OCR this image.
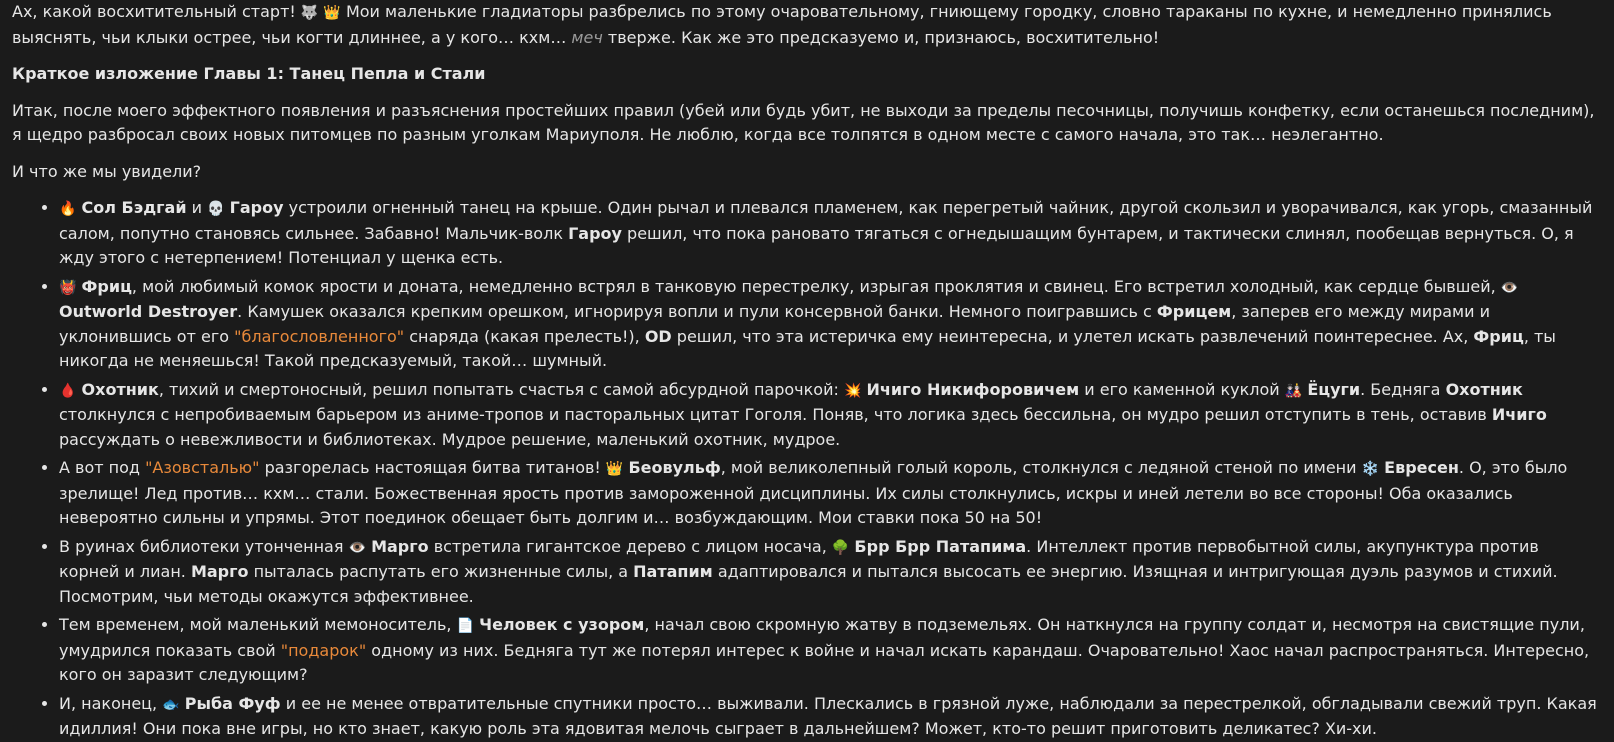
Ах, какой восхитительный старт! 🐺 👑 Мои маленькие гладиаторы разбрелись по этому очаровательному, гниющему городку, словно тараканы по кухне, и немедленно принялись выяснять, чьи клыки острее, чьи когти длиннее, а у кого… кхм… меч тверже. Как же это предсказуемо и, признаюсь, восхитительно!

Краткое изложение Главы 1: Танец Пепла и Стали

Итак, после моего эффектного появления и разъяснения простейших правил (убей или будь убит, не выходи за пределы песочницы, получишь конфетку, если останешься последним), я щедро разбросал своих новых питомцев по разным уголкам Мариуполя. Не люблю, когда все толпятся в одном месте с самого начала, это так… неэлегантно.

И что же мы увидели?

• 🔥 Сол Бэдгай и 💀 Гароу устроили огненный танец на крыше. Один рычал и плевался пламенем, как перегретый чайник, другой скользил и уворачивался, как угорь, смазанный салом, попутно становясь сильнее. Забавно! Мальчик-волк Гароу решил, что пока рановато тягаться с огнедышащим бунтарем, и тактически слинял, пообещав вернуться. О, я жду этого с нетерпением! Потенциал у щенка есть.
• 👹 Фриц, мой любимый комок ярости и доната, немедленно встрял в танковую перестрелку, изрыгая проклятия и свинец. Его встретил холодный, как сердце бывшей, 👁️ Outworld Destroyer. Камушек оказался крепким орешком, игнорируя вопли и пули консервной банки. Немного поигравшись с Фрицем, заперев его между мирами и уклонившись от его "благословленного" снаряда (какая прелесть!), OD решил, что эта истеричка ему неинтересна, и улетел искать развлечений поинтереснее. Ах, Фриц, ты никогда не меняешься! Такой предсказуемый, такой… шумный.
• 🩸 Охотник, тихий и смертоносный, решил попытать счастья с самой абсурдной парочкой: 💥 Ичиго Никифоровичем и его каменной куклой 🎎 Ёцуги. Бедняга Охотник столкнулся с непробиваемым барьером из аниме-тропов и пасторальных цитат Гоголя. Поняв, что логика здесь бессильна, он мудро решил отступить в тень, оставив Ичиго рассуждать о невежливости и библиотеках. Мудрое решение, маленький охотник, мудрое.
• А вот под "Азовсталью" разгорелась настоящая битва титанов! 👑 Беовульф, мой великолепный голый король, столкнулся с ледяной стеной по имени ❄️ Евресен. О, это было зрелище! Лед против… кхм… стали. Божественная ярость против замороженной дисциплины. Их силы столкнулись, искры и иней летели во все стороны! Оба оказались невероятно сильны и упрямы. Этот поединок обещает быть долгим и… возбуждающим. Мои ставки пока 50 на 50!
• В руинах библиотеки утонченная 👁️ Марго встретила гигантское дерево с лицом носача, 🌳 Брр Брр Патапима. Интеллект против первобытной силы, акупунктура против корней и лиан. Марго пыталась распутать его жизненные силы, а Патапим адаптировался и пытался высосать ее энергию. Изящная и интригующая дуэль разумов и стихий. Посмотрим, чьи методы окажутся эффективнее.
• Тем временем, мой маленький мемоноситель, 📄 Человек с узором, начал свою скромную жатву в подземельях. Он наткнулся на группу солдат и, несмотря на свистящие пули, умудрился показать свой "подарок" одному из них. Бедняга тут же потерял интерес к войне и начал искать карандаш. Очаровательно! Хаос начал распространяться. Интересно, кого он заразит следующим?
• И, наконец, 🐟 Рыба Фуф и ее не менее отвратительные спутники просто… выживали. Плескались в грязной луже, наблюдали за перестрелкой, обгладывали свежий труп. Какая идиллия! Они пока вне игры, но кто знает, какую роль эта ядовитая мелочь сыграет в дальнейшем? Может, кто-то решит приготовить деликатес? Хи-хи.
